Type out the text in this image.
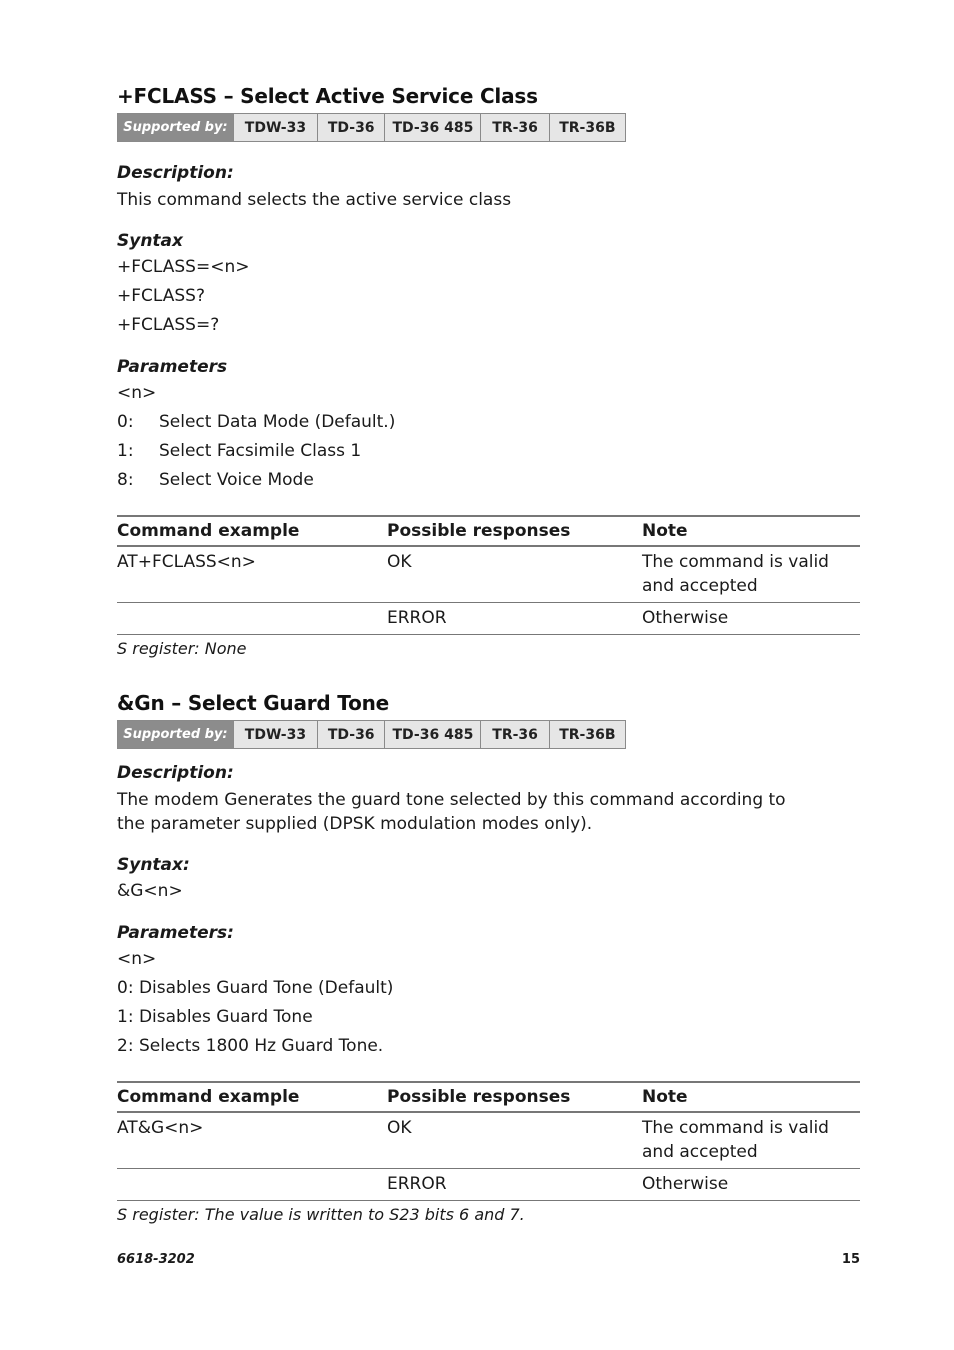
+FCLASS – Select Active Service Class
Supported by:	TDW-33	TD-36	TD-36 485	TR-36	TR-36B

Description:

This command selects the active service class

Syntax

+FCLASS=<n>
+FCLASS?
+FCLASS=?

Parameters

<n>
0:	Select Data Mode (Default.)
1:	Select Facsimile Class 1
8:	Select Voice Mode
Command example	Possible responses	Note
AT+FCLASS<n>	OK	The command is valid and accepted
	ERROR	Otherwise
S register: None
&Gn – Select Guard Tone
Supported by:	TDW-33	TD-36	TD-36 485	TR-36	TR-36B

Description:

The modem Generates the guard tone selected by this command according to the parameter supplied (DPSK modulation modes only).

Syntax:

&G<n>

Parameters:

<n>
0: Disables Guard Tone (Default)
1: Disables Guard Tone
2: Selects 1800 Hz Guard Tone.
Command example	Possible responses	Note
AT&G<n>	OK	The command is valid and accepted
	ERROR	Otherwise
S register: The value is written to S23 bits 6 and 7.
6618-3202	15
